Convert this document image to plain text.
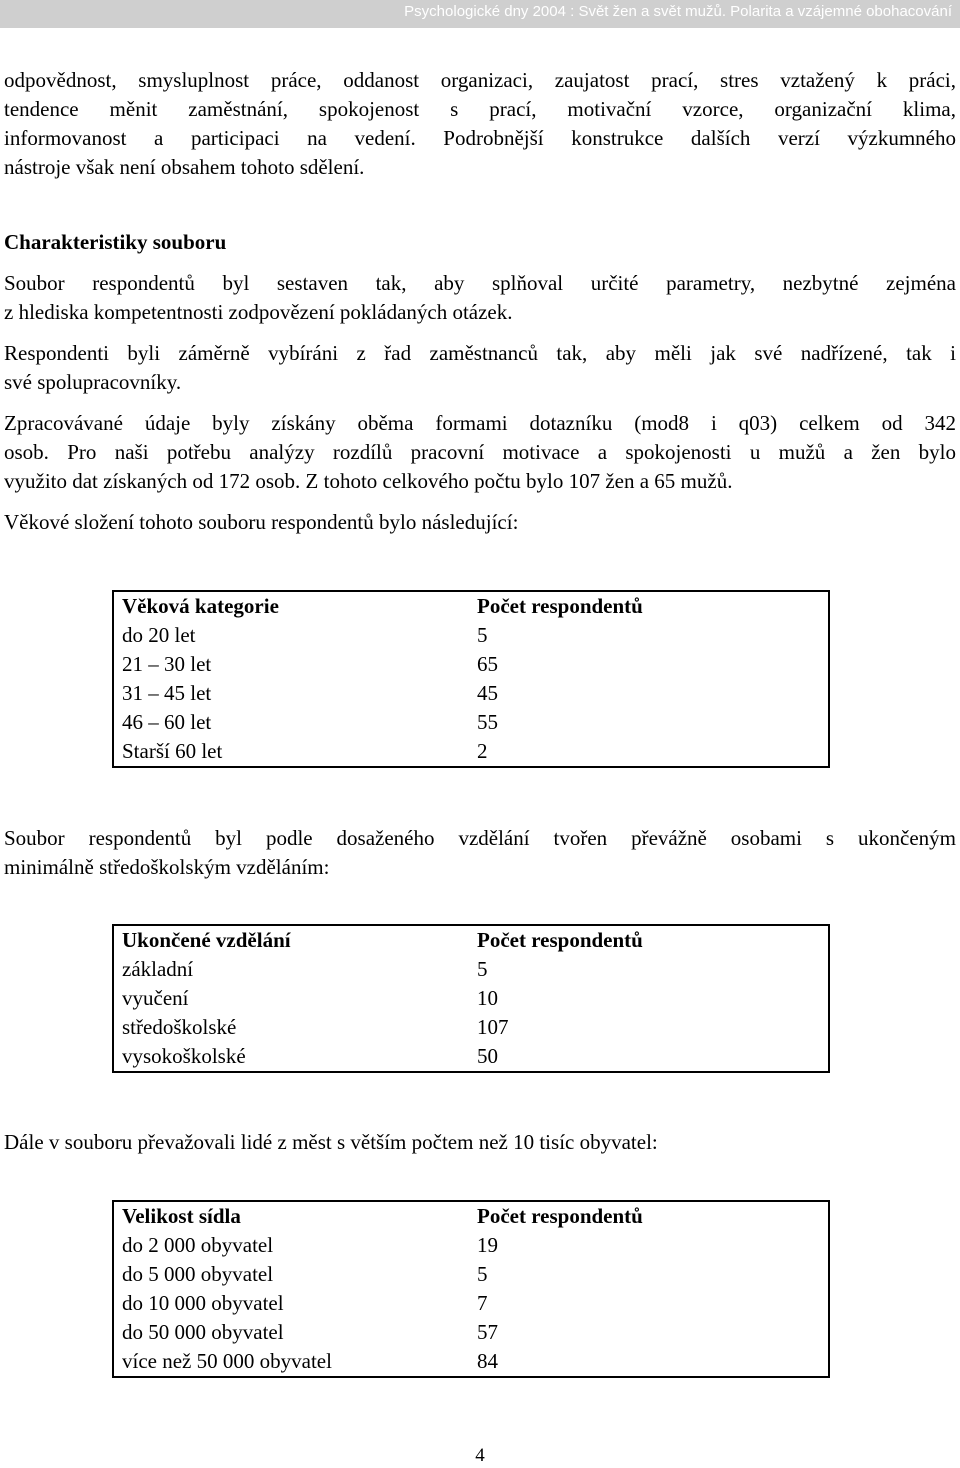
Psychologické dny 2004 : Svět žen a svět mužů. Polarita a vzájemné obohacování

odpovědnost, smysluplnost práce, oddanost organizaci, zaujatost prací, stres vztažený k práci,

tendence měnit zaměstnání, spokojenost s prací, motivační vzorce, organizační klima,

informovanost a participaci na vedení. Podrobnější konstrukce dalších verzí výzkumného

nástroje však není obsahem tohoto sdělení.

Charakteristiky souboru

Soubor respondentů byl sestaven tak, aby splňoval určité parametry, nezbytné zejména

z hlediska kompetentnosti zodpovězení pokládaných otázek.

Respondenti byli záměrně vybíráni z řad zaměstnanců tak, aby měli jak své nadřízené, tak i

své spolupracovníky.

Zpracovávané údaje byly získány oběma formami dotazníku (mod8 i q03) celkem od 342

osob. Pro naši potřebu analýzy rozdílů pracovní motivace a spokojenosti u mužů a žen bylo

využito dat získaných od 172 osob. Z tohoto celkového počtu bylo 107 žen a 65 mužů.

Věkové složení tohoto souboru respondentů bylo následující:

Věková kategorie	Počet respondentů
do 20 let	5
21 – 30 let	65
31 – 45 let	45
46 – 60 let	55
Starší 60 let	2

Soubor respondentů byl podle dosaženého vzdělání tvořen převážně osobami s ukončeným

minimálně středoškolským vzděláním:

Ukončené vzdělání	Počet respondentů
základní	5
vyučení	10
středoškolské	107
vysokoškolské	50

Dále v souboru převažovali lidé z měst s větším počtem než 10 tisíc obyvatel:

Velikost sídla	Počet respondentů
do 2 000 obyvatel	19
do 5 000 obyvatel	5
do 10 000 obyvatel	7
do 50 000 obyvatel	57
více než 50 000 obyvatel	84
4
